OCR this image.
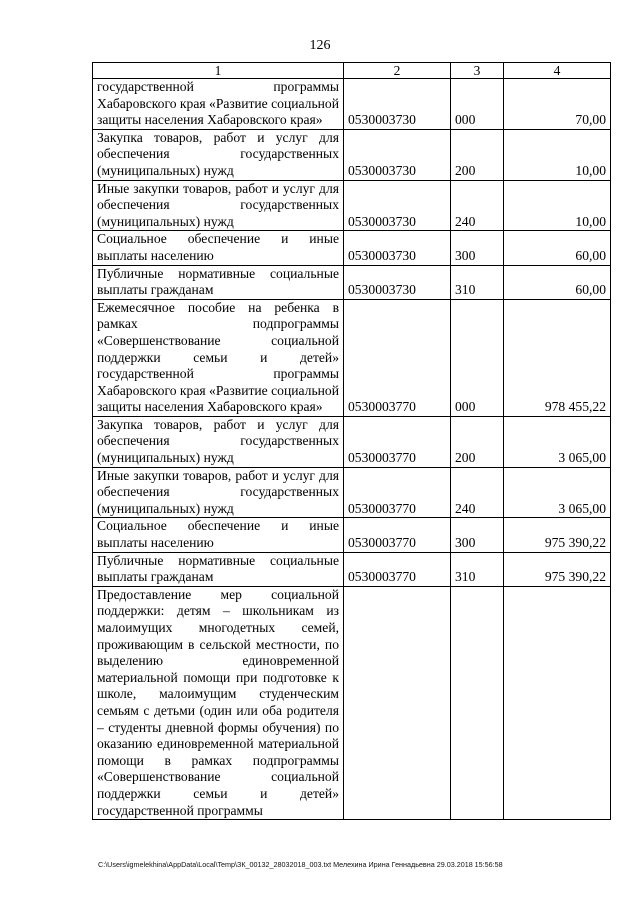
126
1	2	3	4
государственной программы Хабаровского края «Развитие социальной защиты населения Хабаровского края»	0530003730	000	70,00
Закупка товаров, работ и услуг для обеспечения государственных (муниципальных) нужд	0530003730	200	10,00
Иные закупки товаров, работ и услуг для обеспечения государственных (муниципальных) нужд	0530003730	240	10,00
Социальное обеспечение и иные выплаты населению	0530003730	300	60,00
Публичные нормативные социальные выплаты гражданам	0530003730	310	60,00
Ежемесячное пособие на ребенка в рамках подпрограммы «Совершенствование социальной поддержки семьи и детей» государственной программы Хабаровского края «Развитие социальной защиты населения Хабаровского края»	0530003770	000	978 455,22
Закупка товаров, работ и услуг для обеспечения государственных (муниципальных) нужд	0530003770	200	3 065,00
Иные закупки товаров, работ и услуг для обеспечения государственных (муниципальных) нужд	0530003770	240	3 065,00
Социальное обеспечение и иные выплаты населению	0530003770	300	975 390,22
Публичные нормативные социальные выплаты гражданам	0530003770	310	975 390,22
Предоставление мер социальной поддержки: детям – школьникам из малоимущих многодетных семей, проживающим в сельской местности, по выделению единовременной материальной помощи при подготовке к школе, малоимущим студенческим семьям с детьми (один или оба родителя – студенты дневной формы обучения) по оказанию единовременной материальной помощи в рамках подпрограммы «Совершенствование социальной поддержки семьи и детей» государственной программы			
C:\Users\igmelekhina\AppData\Local\Temp\ЗК_00132_28032018_003.txt Мелехина Ирина Геннадьевна 29.03.2018 15:56:58
